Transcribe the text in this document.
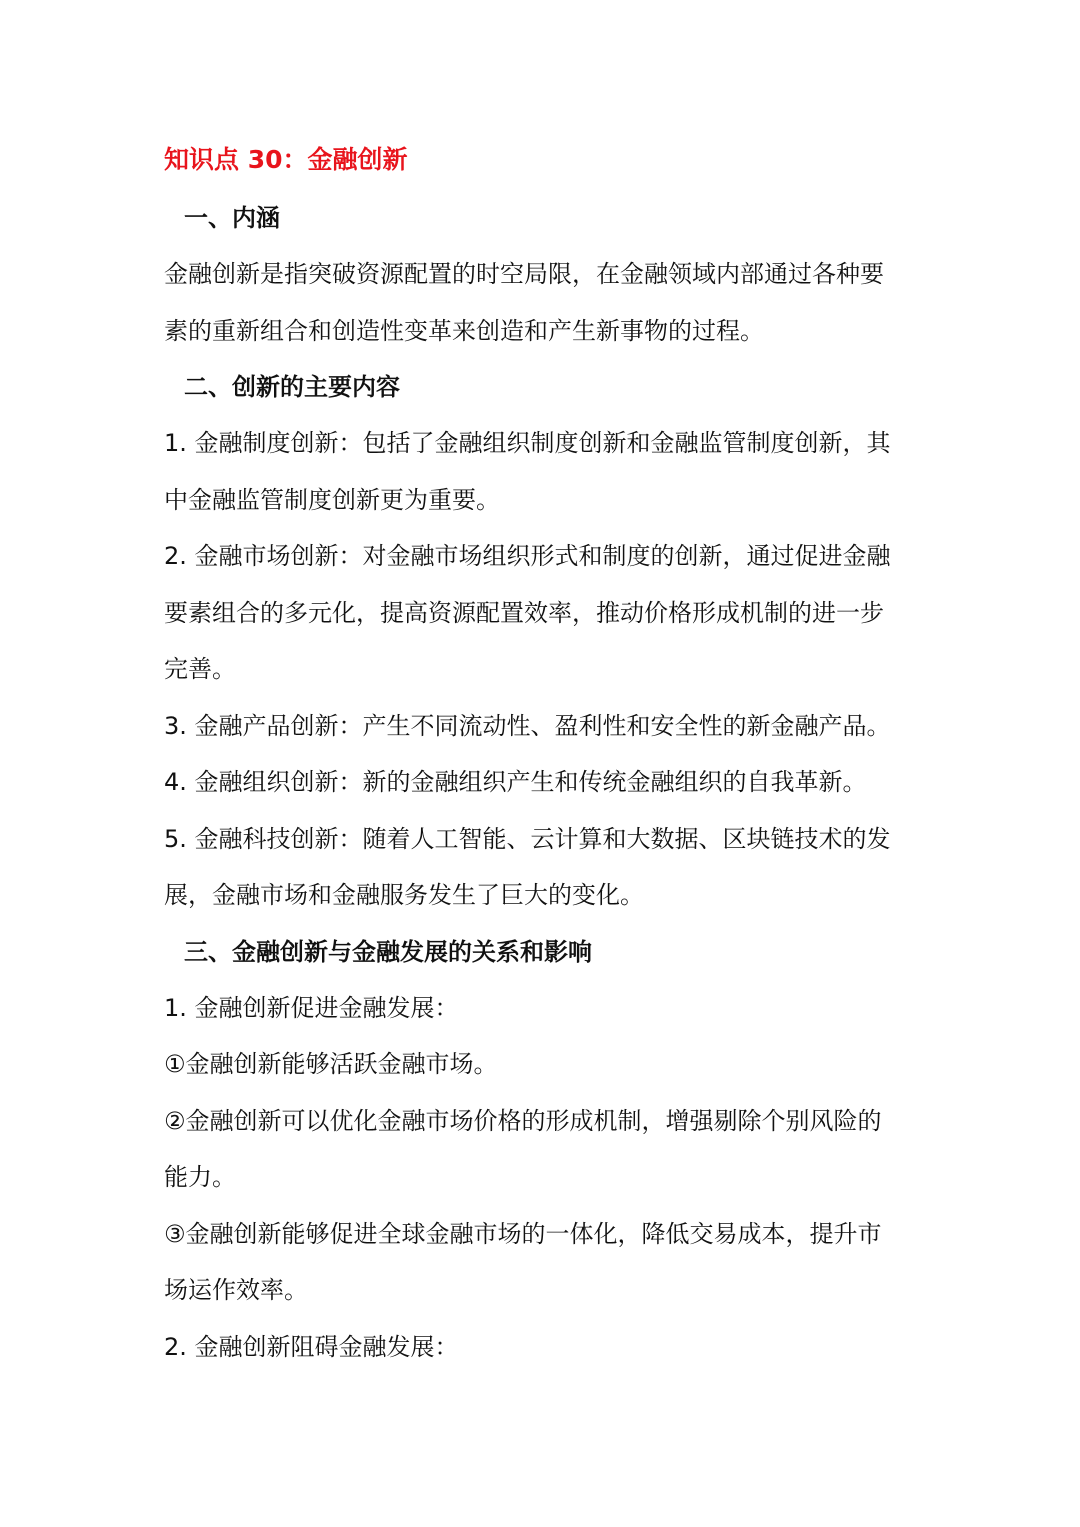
知识点 30：金融创新
一、内涵

金融创新是指突破资源配置的时空局限，在金融领域内部通过各种要
素的重新组合和创造性变革来创造和产生新事物的过程。

二、创新的主要内容

1. 金融制度创新：包括了金融组织制度创新和金融监管制度创新，其
中金融监管制度创新更为重要。

2. 金融市场创新：对金融市场组织形式和制度的创新，通过促进金融
要素组合的多元化，提高资源配置效率，推动价格形成机制的进一步
完善。

3. 金融产品创新：产生不同流动性、盈利性和安全性的新金融产品。

4. 金融组织创新：新的金融组织产生和传统金融组织的自我革新。

5. 金融科技创新：随着人工智能、云计算和大数据、区块链技术的发
展，金融市场和金融服务发生了巨大的变化。

三、金融创新与金融发展的关系和影响

1. 金融创新促进金融发展：

①金融创新能够活跃金融市场。

②金融创新可以优化金融市场价格的形成机制，增强剔除个别风险的
能力。

③金融创新能够促进全球金融市场的一体化，降低交易成本，提升市
场运作效率。

2. 金融创新阻碍金融发展：
